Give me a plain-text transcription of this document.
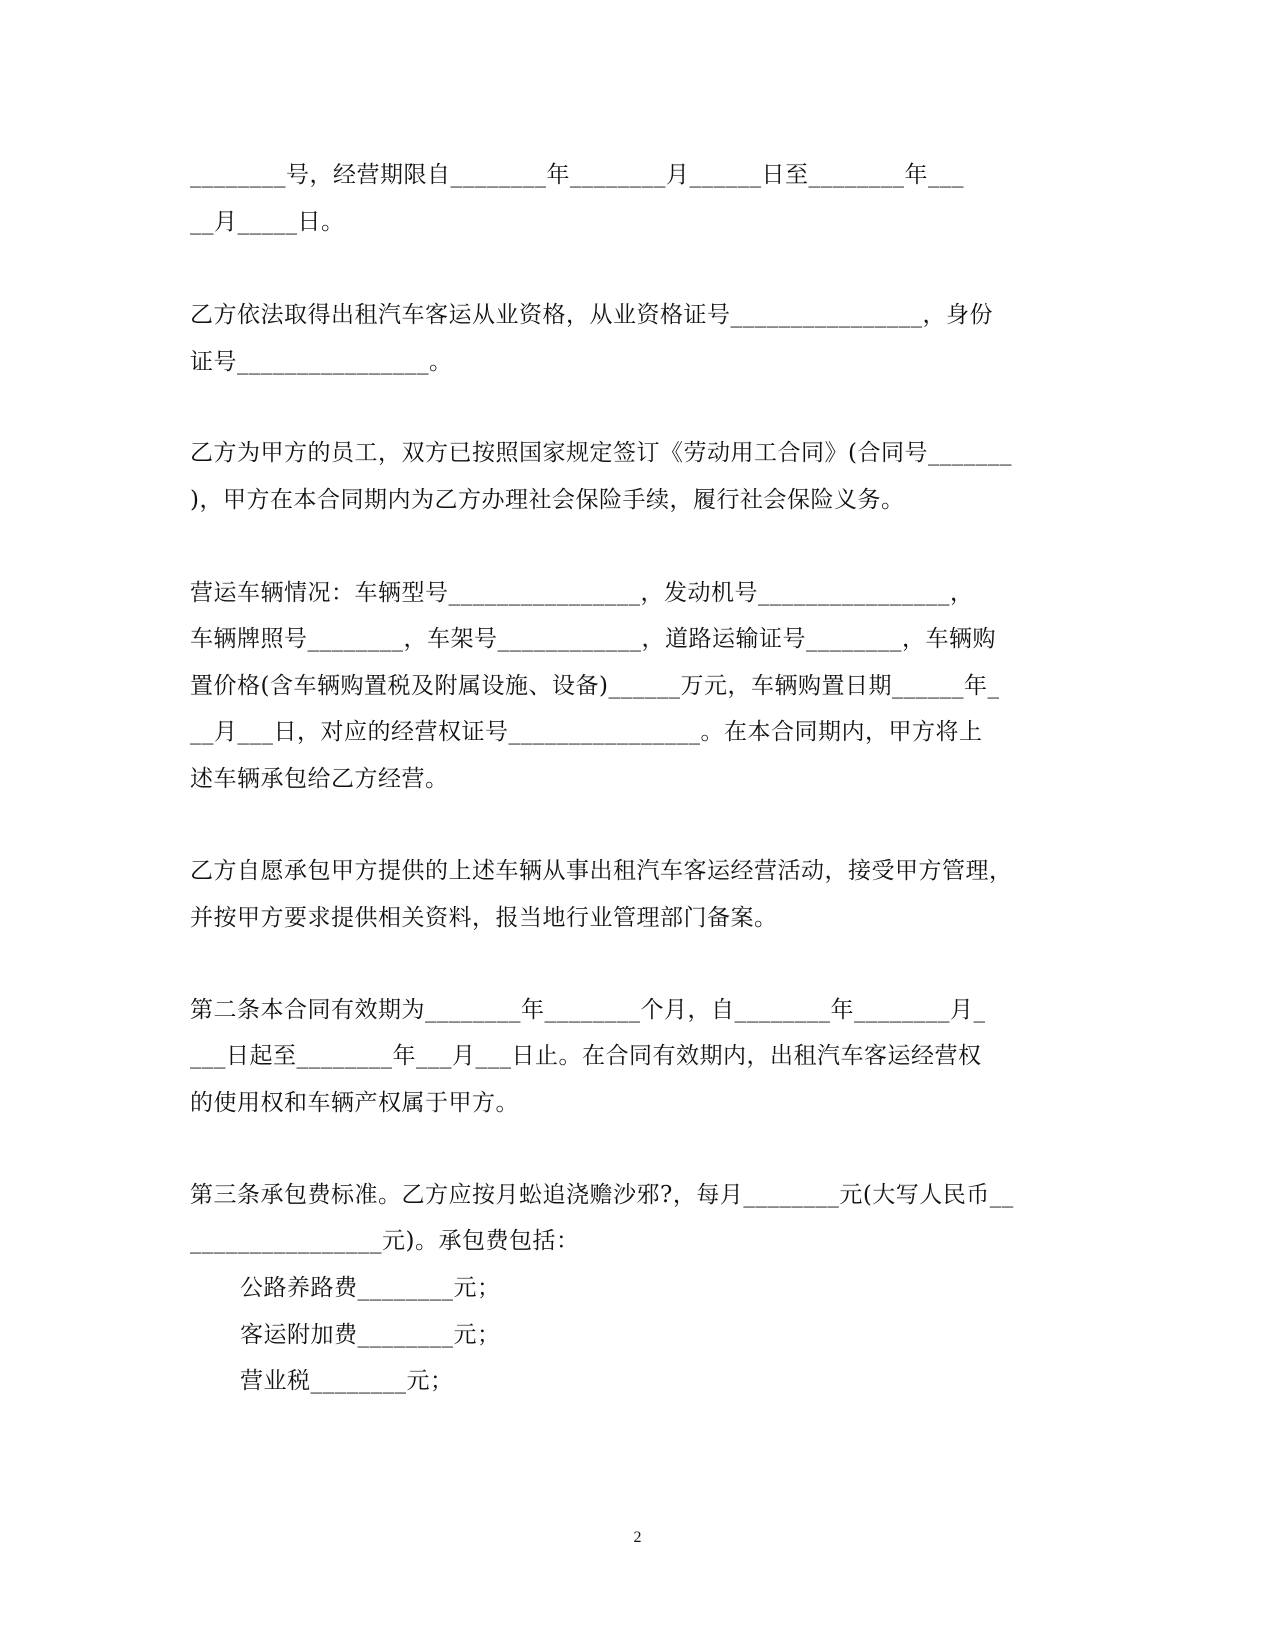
________号，经营期限自________年________月______日至________年___
__月_____日。
乙方依法取得出租汽车客运从业资格，从业资格证号________________，身份
证号________________。
乙方为甲方的员工，双方已按照国家规定签订《劳动用工合同》(合同号_______
)，甲方在本合同期内为乙方办理社会保险手续，履行社会保险义务。
营运车辆情况：车辆型号________________，发动机号________________，
车辆牌照号________，车架号____________，道路运输证号________，车辆购
置价格(含车辆购置税及附属设施、设备)______万元，车辆购置日期______年_
__月___日，对应的经营权证号________________。在本合同期内，甲方将上
述车辆承包给乙方经营。
乙方自愿承包甲方提供的上述车辆从事出租汽车客运经营活动，接受甲方管理，
并按甲方要求提供相关资料，报当地行业管理部门备案。
第二条本合同有效期为________年________个月，自________年________月_
___日起至________年___月___日止。在合同有效期内，出租汽车客运经营权
的使用权和车辆产权属于甲方。
第三条承包费标准。乙方应按月蚣追浇赡沙邪?，每月________元(大写人民币__
________________元)。承包费包括：
公路养路费________元；
客运附加费________元；
营业税________元；
2
